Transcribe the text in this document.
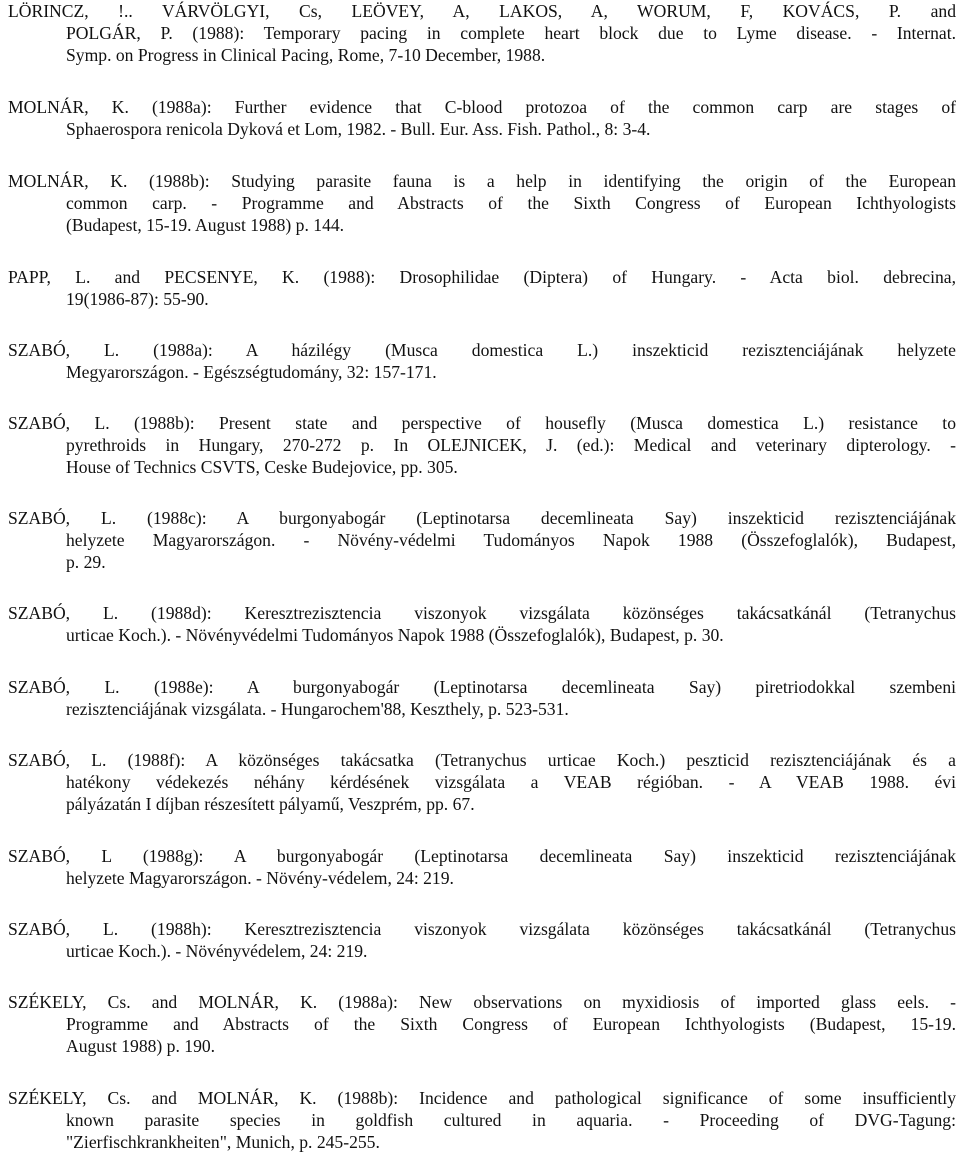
LÖRINCZ, !.. VÁRVÖLGYI, Cs, LEÖVEY, A, LAKOS, A, WORUM, F, KOVÁCS, P. and
POLGÁR, P. (1988): Temporary pacing in complete heart block due to Lyme disease. - Internat.
Symp. on Progress in Clinical Pacing, Rome, 7-10 December, 1988.
MOLNÁR, K. (1988a): Further evidence that C-blood protozoa of the common carp are stages of
Sphaerospora renicola Dyková et Lom, 1982. - Bull. Eur. Ass. Fish. Pathol., 8: 3-4.
MOLNÁR, K. (1988b): Studying parasite fauna is a help in identifying the origin of the European
common carp. - Programme and Abstracts of the Sixth Congress of European Ichthyologists
(Budapest, 15-19. August 1988) p. 144.
PAPP, L. and PECSENYE, K. (1988): Drosophilidae (Diptera) of Hungary. - Acta biol. debrecina,
19(1986-87): 55-90.
SZABÓ, L. (1988a): A házilégy (Musca domestica L.) inszekticid rezisztenciájának helyzete
Megyarországon. - Egészségtudomány, 32: 157-171.
SZABÓ, L. (1988b): Present state and perspective of housefly (Musca domestica L.) resistance to
pyrethroids in Hungary, 270-272 p. In OLEJNICEK, J. (ed.): Medical and veterinary dipterology. -
House of Technics CSVTS, Ceske Budejovice, pp. 305.
SZABÓ, L. (1988c): A burgonyabogár (Leptinotarsa decemlineata Say) inszekticid rezisztenciájának
helyzete Magyarországon. - Növény-védelmi Tudományos Napok 1988 (Összefoglalók), Budapest,
p. 29.
SZABÓ, L. (1988d): Keresztrezisztencia viszonyok vizsgálata közönséges takácsatkánál (Tetranychus
urticae Koch.). - Növényvédelmi Tudományos Napok 1988 (Összefoglalók), Budapest, p. 30.
SZABÓ, L. (1988e): A burgonyabogár (Leptinotarsa decemlineata Say) piretriodokkal szembeni
rezisztenciájának vizsgálata. - Hungarochem'88, Keszthely, p. 523-531.
SZABÓ, L. (1988f): A közönséges takácsatka (Tetranychus urticae Koch.) peszticid rezisztenciájának és a
hatékony védekezés néhány kérdésének vizsgálata a VEAB régióban. - A VEAB 1988. évi
pályázatán I díjban részesített pályamű, Veszprém, pp. 67.
SZABÓ, L (1988g): A burgonyabogár (Leptinotarsa decemlineata Say) inszekticid rezisztenciájának
helyzete Magyarországon. - Növény-védelem, 24: 219.
SZABÓ, L. (1988h): Keresztrezisztencia viszonyok vizsgálata közönséges takácsatkánál (Tetranychus
urticae Koch.). - Növényvédelem, 24: 219.
SZÉKELY, Cs. and MOLNÁR, K. (1988a): New observations on myxidiosis of imported glass eels. -
Programme and Abstracts of the Sixth Congress of European Ichthyologists (Budapest, 15-19.
August 1988) p. 190.
SZÉKELY, Cs. and MOLNÁR, K. (1988b): Incidence and pathological significance of some insufficiently
known parasite species in goldfish cultured in aquaria. - Proceeding of DVG-Tagung:
"Zierfischkrankheiten", Munich, p. 245-255.
